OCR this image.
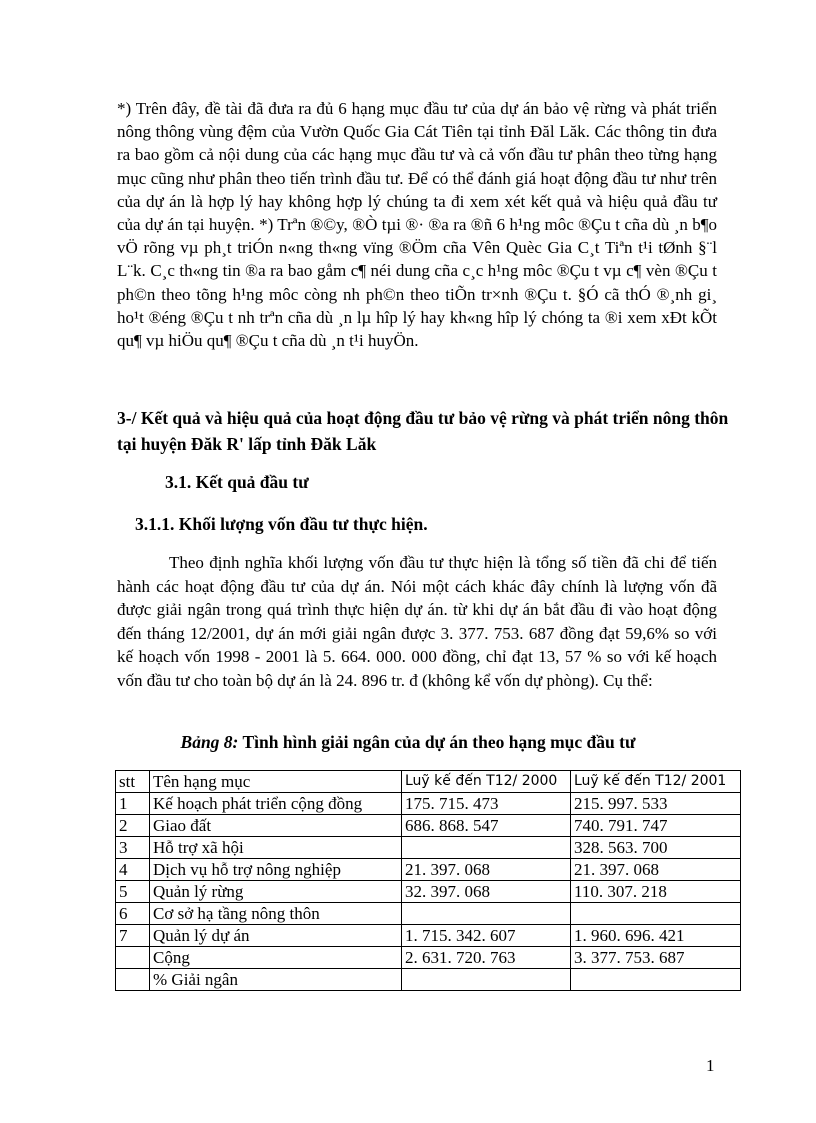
*) Trên đây, đề tài đã đưa ra đủ 6 hạng mục đầu tư của dự án bảo vệ rừng và phát triển nông thông vùng đệm của Vườn Quốc Gia Cát Tiên tại tỉnh Đăl Lăk. Các thông tin đưa ra bao gồm cả nội dung của các hạng mục đầu tư và cả vốn đầu tư phân theo từng hạng mục cũng như phân theo tiến trình đầu tư. Để có thể đánh giá hoạt động đầu tư như trên của dự án là hợp lý hay không hợp lý chúng ta đi xem xét kết quả và hiệu quả đầu tư của dự án tại huyện. *) Trªn ®©y, ®Ò tµi ®· ®a ra ®ñ 6 h¹ng môc ®Çu t cña dù ¸n b¶o vÖ rõng vµ ph¸t triÓn n«ng th«ng vïng ®Öm cña Vên Quèc Gia C¸t Tiªn t¹i tØnh §¨l L¨k. C¸c th«ng tin ®a ra bao gåm c¶ néi dung cña c¸c h¹ng môc ®Çu t vµ c¶ vèn ®Çu t ph©n theo tõng h¹ng môc còng nh ph©n theo tiÕn tr×nh ®Çu t. §Ó cã thÓ ®¸nh gi¸ ho¹t ®éng ®Çu t nh trªn cña dù ¸n lµ hîp lý hay kh«ng hîp lý chóng ta ®i xem xÐt kÕt qu¶ vµ hiÖu qu¶ ®Çu t cña dù ¸n t¹i huyÖn.

3-/ Kết quả và hiệu quả của hoạt động đầu tư bảo vệ rừng và phát triển nông thôn tại huyện Đăk R' lấp tỉnh Đăk Lăk

3.1. Kết quả đầu tư

3.1.1. Khối lượng vốn đầu tư thực hiện.

Theo định nghĩa khối lượng vốn đầu tư thực hiện là tổng số tiền đã chi để tiến hành các hoạt động đầu tư của dự án. Nói một cách khác đây chính là lượng vốn đã được giải ngân trong quá trình thực hiện dự án. từ khi dự án bắt đầu đi vào hoạt động đến tháng 12/2001, dự án mới giải ngân được 3. 377. 753. 687 đồng đạt 59,6% so với kế hoạch vốn 1998 - 2001 là 5. 664. 000. 000 đồng, chỉ đạt 13, 57 % so với kế hoạch vốn đầu tư cho toàn bộ dự án là 24. 896 tr. đ (không kể vốn dự phòng). Cụ thể:

Bảng 8: Tình hình giải ngân của dự án theo hạng mục đầu tư

stt	Tên hạng mục	Luỹ kế đến T12/ 2000	Luỹ kế đến T12/ 2001
1	Kế hoạch phát triển cộng đồng	175. 715. 473	215. 997. 533
2	Giao đất	686. 868. 547	740. 791. 747
3	Hỗ trợ xã hội		328. 563. 700
4	Dịch vụ hỗ trợ nông nghiệp	21. 397. 068	21. 397. 068
5	Quản lý rừng	32. 397. 068	110. 307. 218
6	Cơ sở hạ tầng nông thôn		
7	Quản lý dự án	1. 715. 342. 607	1. 960. 696. 421
	Cộng	2. 631. 720. 763	3. 377. 753. 687
	% Giải ngân		
1
